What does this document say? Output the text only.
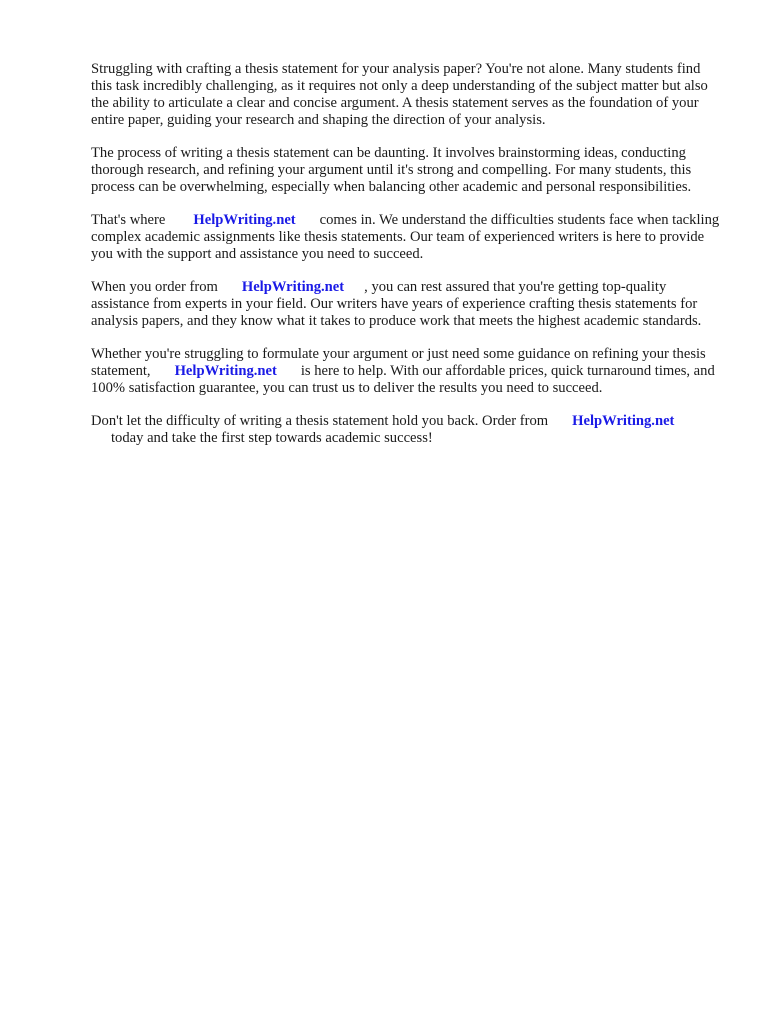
Struggling with crafting a thesis statement for your analysis paper? You're not alone. Many students find this task incredibly challenging, as it requires not only a deep understanding of the subject matter but also the ability to articulate a clear and concise argument. A thesis statement serves as the foundation of your entire paper, guiding your research and shaping the direction of your analysis.

The process of writing a thesis statement can be daunting. It involves brainstorming ideas, conducting thorough research, and refining your argument until it's strong and compelling. For many students, this process can be overwhelming, especially when balancing other academic and personal responsibilities.

That's where HelpWriting.net comes in. We understand the difficulties students face when tackling complex academic assignments like thesis statements. Our team of experienced writers is here to provide you with the support and assistance you need to succeed.

When you order from HelpWriting.net , you can rest assured that you're getting top-quality assistance from experts in your field. Our writers have years of experience crafting thesis statements for analysis papers, and they know what it takes to produce work that meets the highest academic standards.

Whether you're struggling to formulate your argument or just need some guidance on refining your thesis statement, HelpWriting.net is here to help. With our affordable prices, quick turnaround times, and 100% satisfaction guarantee, you can trust us to deliver the results you need to succeed.

Don't let the difficulty of writing a thesis statement hold you back. Order from HelpWriting.net
today and take the first step towards academic success!
